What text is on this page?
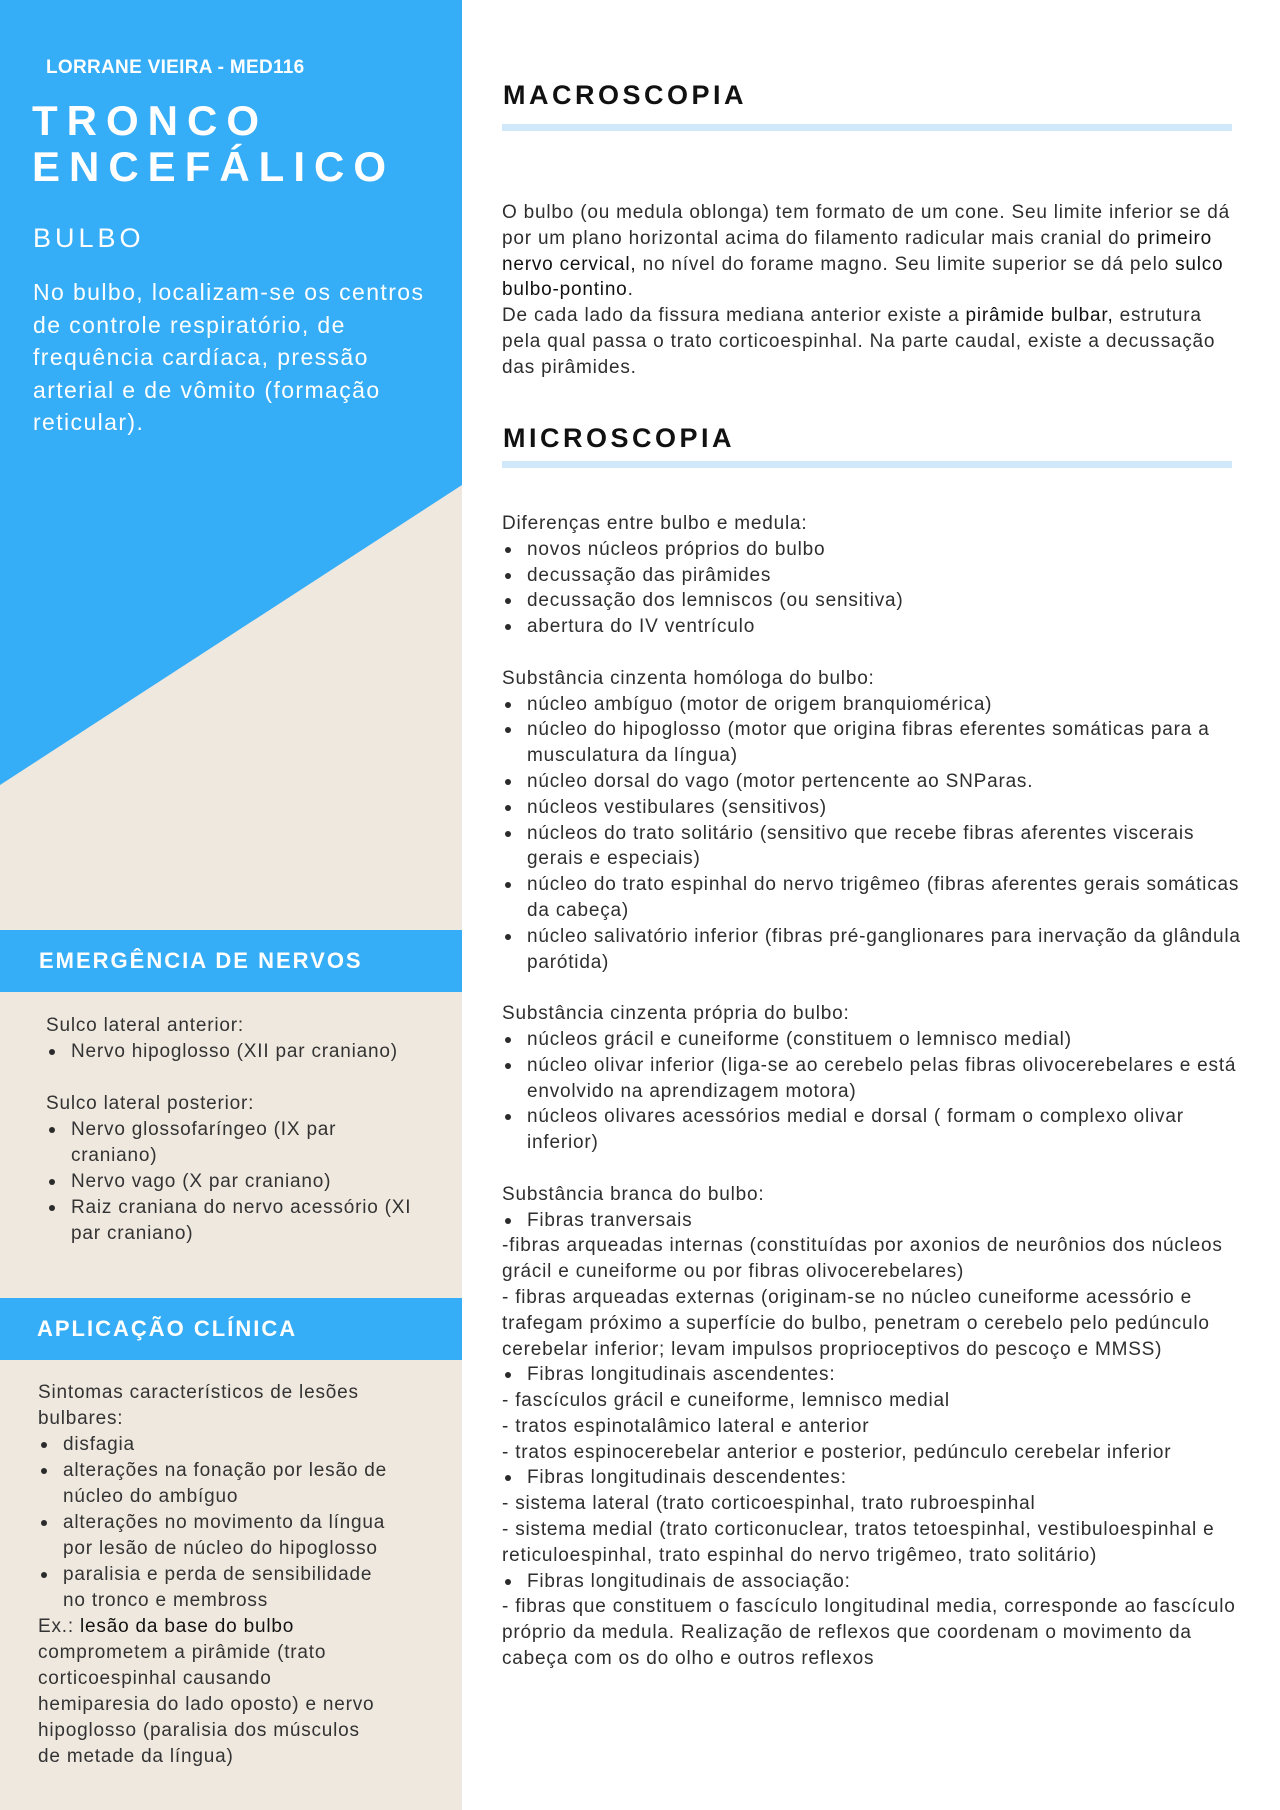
LORRANE VIEIRA - MED116
TRONCO
ENCEFÁLICO
BULBO
No bulbo, localizam-se os centros de controle respiratório, de frequência cardíaca, pressão arterial e de vômito (formação reticular).
EMERGÊNCIA DE NERVOS
Sulco lateral anterior:
Nervo hipoglosso (XII par craniano)
Sulco lateral posterior:
Nervo glossofaríngeo (IX par craniano)
Nervo vago (X par craniano)
Raiz craniana do nervo acessório (XI par craniano)
APLICAÇÃO CLÍNICA
Sintomas característicos de lesões bulbares:
disfagia
alterações na fonação por lesão de núcleo do ambíguo
alterações no movimento da língua por lesão de núcleo do hipoglosso
paralisia e perda de sensibilidade no tronco e membross
Ex.: lesão da base do bulbo comprometem a pirâmide (trato corticoespinhal causando hemiparesia do lado oposto) e nervo hipoglosso (paralisia dos músculos de metade da língua)
MACROSCOPIA
O bulbo (ou medula oblonga) tem formato de um cone. Seu limite inferior se dá por um plano horizontal acima do filamento radicular mais cranial do primeiro nervo cervical, no nível do forame magno. Seu limite superior se dá pelo sulco bulbo-pontino.
De cada lado da fissura mediana anterior existe a pirâmide bulbar, estrutura pela qual passa o trato corticoespinhal. Na parte caudal, existe a decussação das pirâmides.
MICROSCOPIA
Diferenças entre bulbo e medula:
novos núcleos próprios do bulbo
decussação das pirâmides
decussação dos lemniscos (ou sensitiva)
abertura do IV ventrículo
Substância cinzenta homóloga do bulbo:
núcleo ambíguo (motor de origem branquiomérica)
núcleo do hipoglosso (motor que origina fibras eferentes somáticas para a musculatura da língua)
núcleo dorsal do vago (motor pertencente ao SNParas.
núcleos vestibulares (sensitivos)
núcleos do trato solitário (sensitivo que recebe fibras aferentes viscerais gerais e especiais)
núcleo do trato espinhal do nervo trigêmeo (fibras aferentes gerais somáticas da cabeça)
núcleo salivatório inferior (fibras pré-ganglionares para inervação da glândula parótida)
Substância cinzenta própria do bulbo:
núcleos grácil e cuneiforme (constituem o lemnisco medial)
núcleo olivar inferior (liga-se ao cerebelo pelas fibras olivocerebelares e está envolvido na aprendizagem motora)
núcleos olivares acessórios medial e dorsal ( formam o complexo olivar inferior)
Substância branca do bulbo:
Fibras tranversais
-fibras arqueadas internas (constituídas por axonios de neurônios dos núcleos grácil e cuneiforme ou por fibras olivocerebelares)
- fibras arqueadas externas (originam-se no núcleo cuneiforme acessório e trafegam próximo a superfície do bulbo, penetram o cerebelo pelo pedúnculo cerebelar inferior; levam impulsos proprioceptivos do pescoço e MMSS)
Fibras longitudinais ascendentes:
- fascículos grácil e cuneiforme, lemnisco medial
- tratos espinotalâmico lateral e anterior
- tratos espinocerebelar anterior e posterior, pedúnculo cerebelar inferior
Fibras longitudinais descendentes:
- sistema lateral (trato corticoespinhal, trato rubroespinhal
- sistema medial (trato corticonuclear, tratos tetoespinhal, vestibuloespinhal e reticuloespinhal, trato espinhal do nervo trigêmeo, trato solitário)
Fibras longitudinais de associação:
- fibras que constituem o fascículo longitudinal media, corresponde ao fascículo próprio da medula. Realização de reflexos que coordenam o movimento da cabeça com os do olho e outros reflexos
